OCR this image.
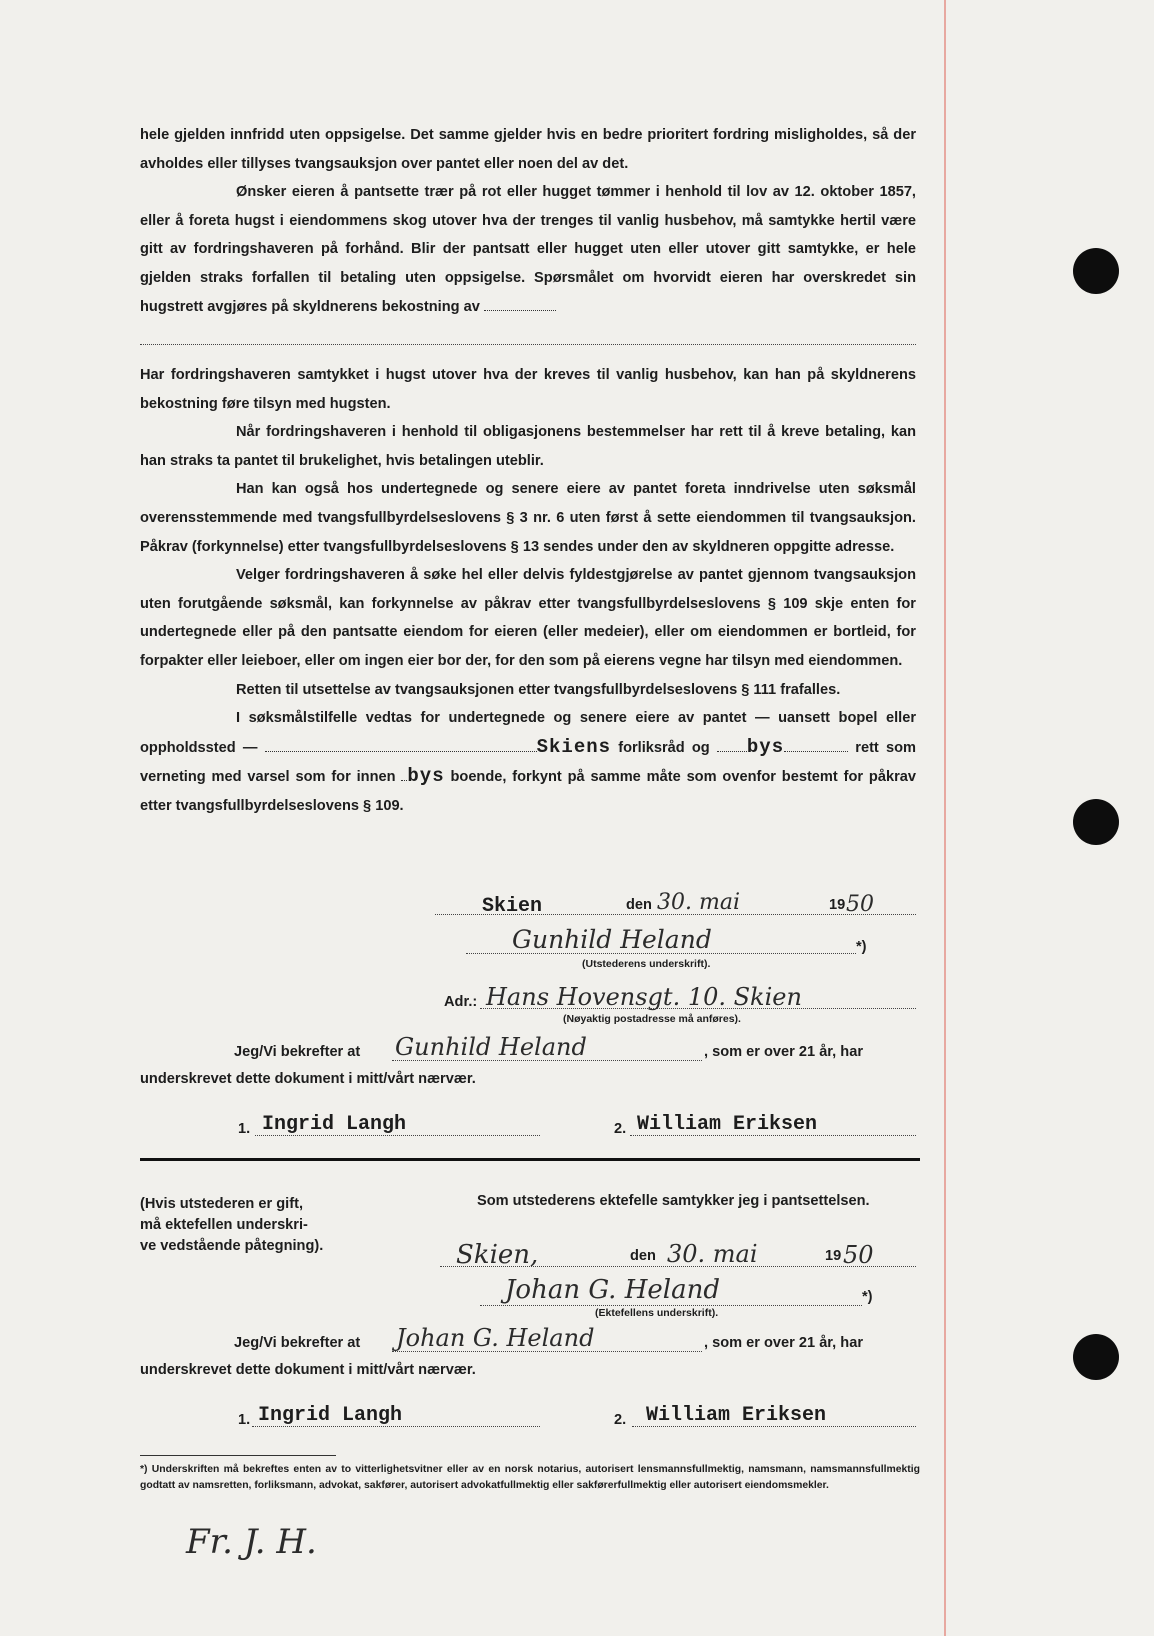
hele gjelden innfridd uten oppsigelse. Det samme gjelder hvis en bedre prioritert fordring misligholdes, så der avholdes eller tillyses tvangsauksjon over pantet eller noen del av det.

Ønsker eieren å pantsette trær på rot eller hugget tømmer i henhold til lov av 12. oktober 1857, eller å foreta hugst i eiendommens skog utover hva der trenges til vanlig husbehov, må samtykke hertil være gitt av fordringshaveren på forhånd. Blir der pantsatt eller hugget uten eller utover gitt samtykke, er hele gjelden straks forfallen til betaling uten oppsigelse. Spørsmålet om hvorvidt eieren har overskredet sin hugstrett avgjøres på skyldnerens bekostning av

Har fordringshaveren samtykket i hugst utover hva der kreves til vanlig husbehov, kan han på skyldnerens bekostning føre tilsyn med hugsten.

Når fordringshaveren i henhold til obligasjonens bestemmelser har rett til å kreve betaling, kan han straks ta pantet til brukelighet, hvis betalingen uteblir.

Han kan også hos undertegnede og senere eiere av pantet foreta inndrivelse uten søksmål overensstemmende med tvangsfullbyrdelseslovens § 3 nr. 6 uten først å sette eiendommen til tvangsauksjon. Påkrav (forkynnelse) etter tvangsfullbyrdelseslovens § 13 sendes under den av skyldneren oppgitte adresse.

Velger fordringshaveren å søke hel eller delvis fyldestgjørelse av pantet gjennom tvangsauksjon uten forutgående søksmål, kan forkynnelse av påkrav etter tvangsfullbyrdelseslovens § 109 skje enten for undertegnede eller på den pantsatte eiendom for eieren (eller medeier), eller om eiendommen er bortleid, for forpakter eller leieboer, eller om ingen eier bor der, for den som på eierens vegne har tilsyn med eiendommen.

Retten til utsettelse av tvangsauksjonen etter tvangsfullbyrdelseslovens § 111 frafalles.

I søksmålstilfelle vedtas for undertegnede og senere eiere av pantet — uansett bopel eller oppholdssted —	Skiens forliksråd og bys	rett som verneting med varsel som for innen bys boende, forkynt på samme måte som ovenfor bestemt for påkrav etter tvangsfullbyrdelseslovens § 109.

Skien	den 30. mai	19 50
Gunhild Heland	*)
(Utstederens underskrift).
Adr.: Hans Hovensgt. 10. Skien
(Nøyaktig postadresse må anføres).
Jeg/Vi bekrefter at Gunhild Heland	, som er over 21 år, har
underskrevet dette dokument i mitt/vårt nærvær.
1. Ingrid Langh	2. William Eriksen
(Hvis utstederen er gift,
må ektefellen underskri-
ve vedstående påtegning).
Som utstederens ektefelle samtykker jeg i pantsettelsen.
Skien,	den 30. mai	19 50
Johan G. Heland	*)
(Ektefellens underskrift).
Jeg/Vi bekrefter at Johan G. Heland	, som er over 21 år, har
underskrevet dette dokument i mitt/vårt nærvær.
1. Ingrid Langh	2. William Eriksen

*) Underskriften må bekreftes enten av to vitterlighetsvitner eller av en norsk notarius, autorisert lensmannsfullmektig, namsmann, namsmannsfullmektig godtatt av namsretten, forliksmann, advokat, sakfører, autorisert advokatfullmektig eller sakførerfullmektig eller autorisert eiendomsmekler.

Fr. J. H.
